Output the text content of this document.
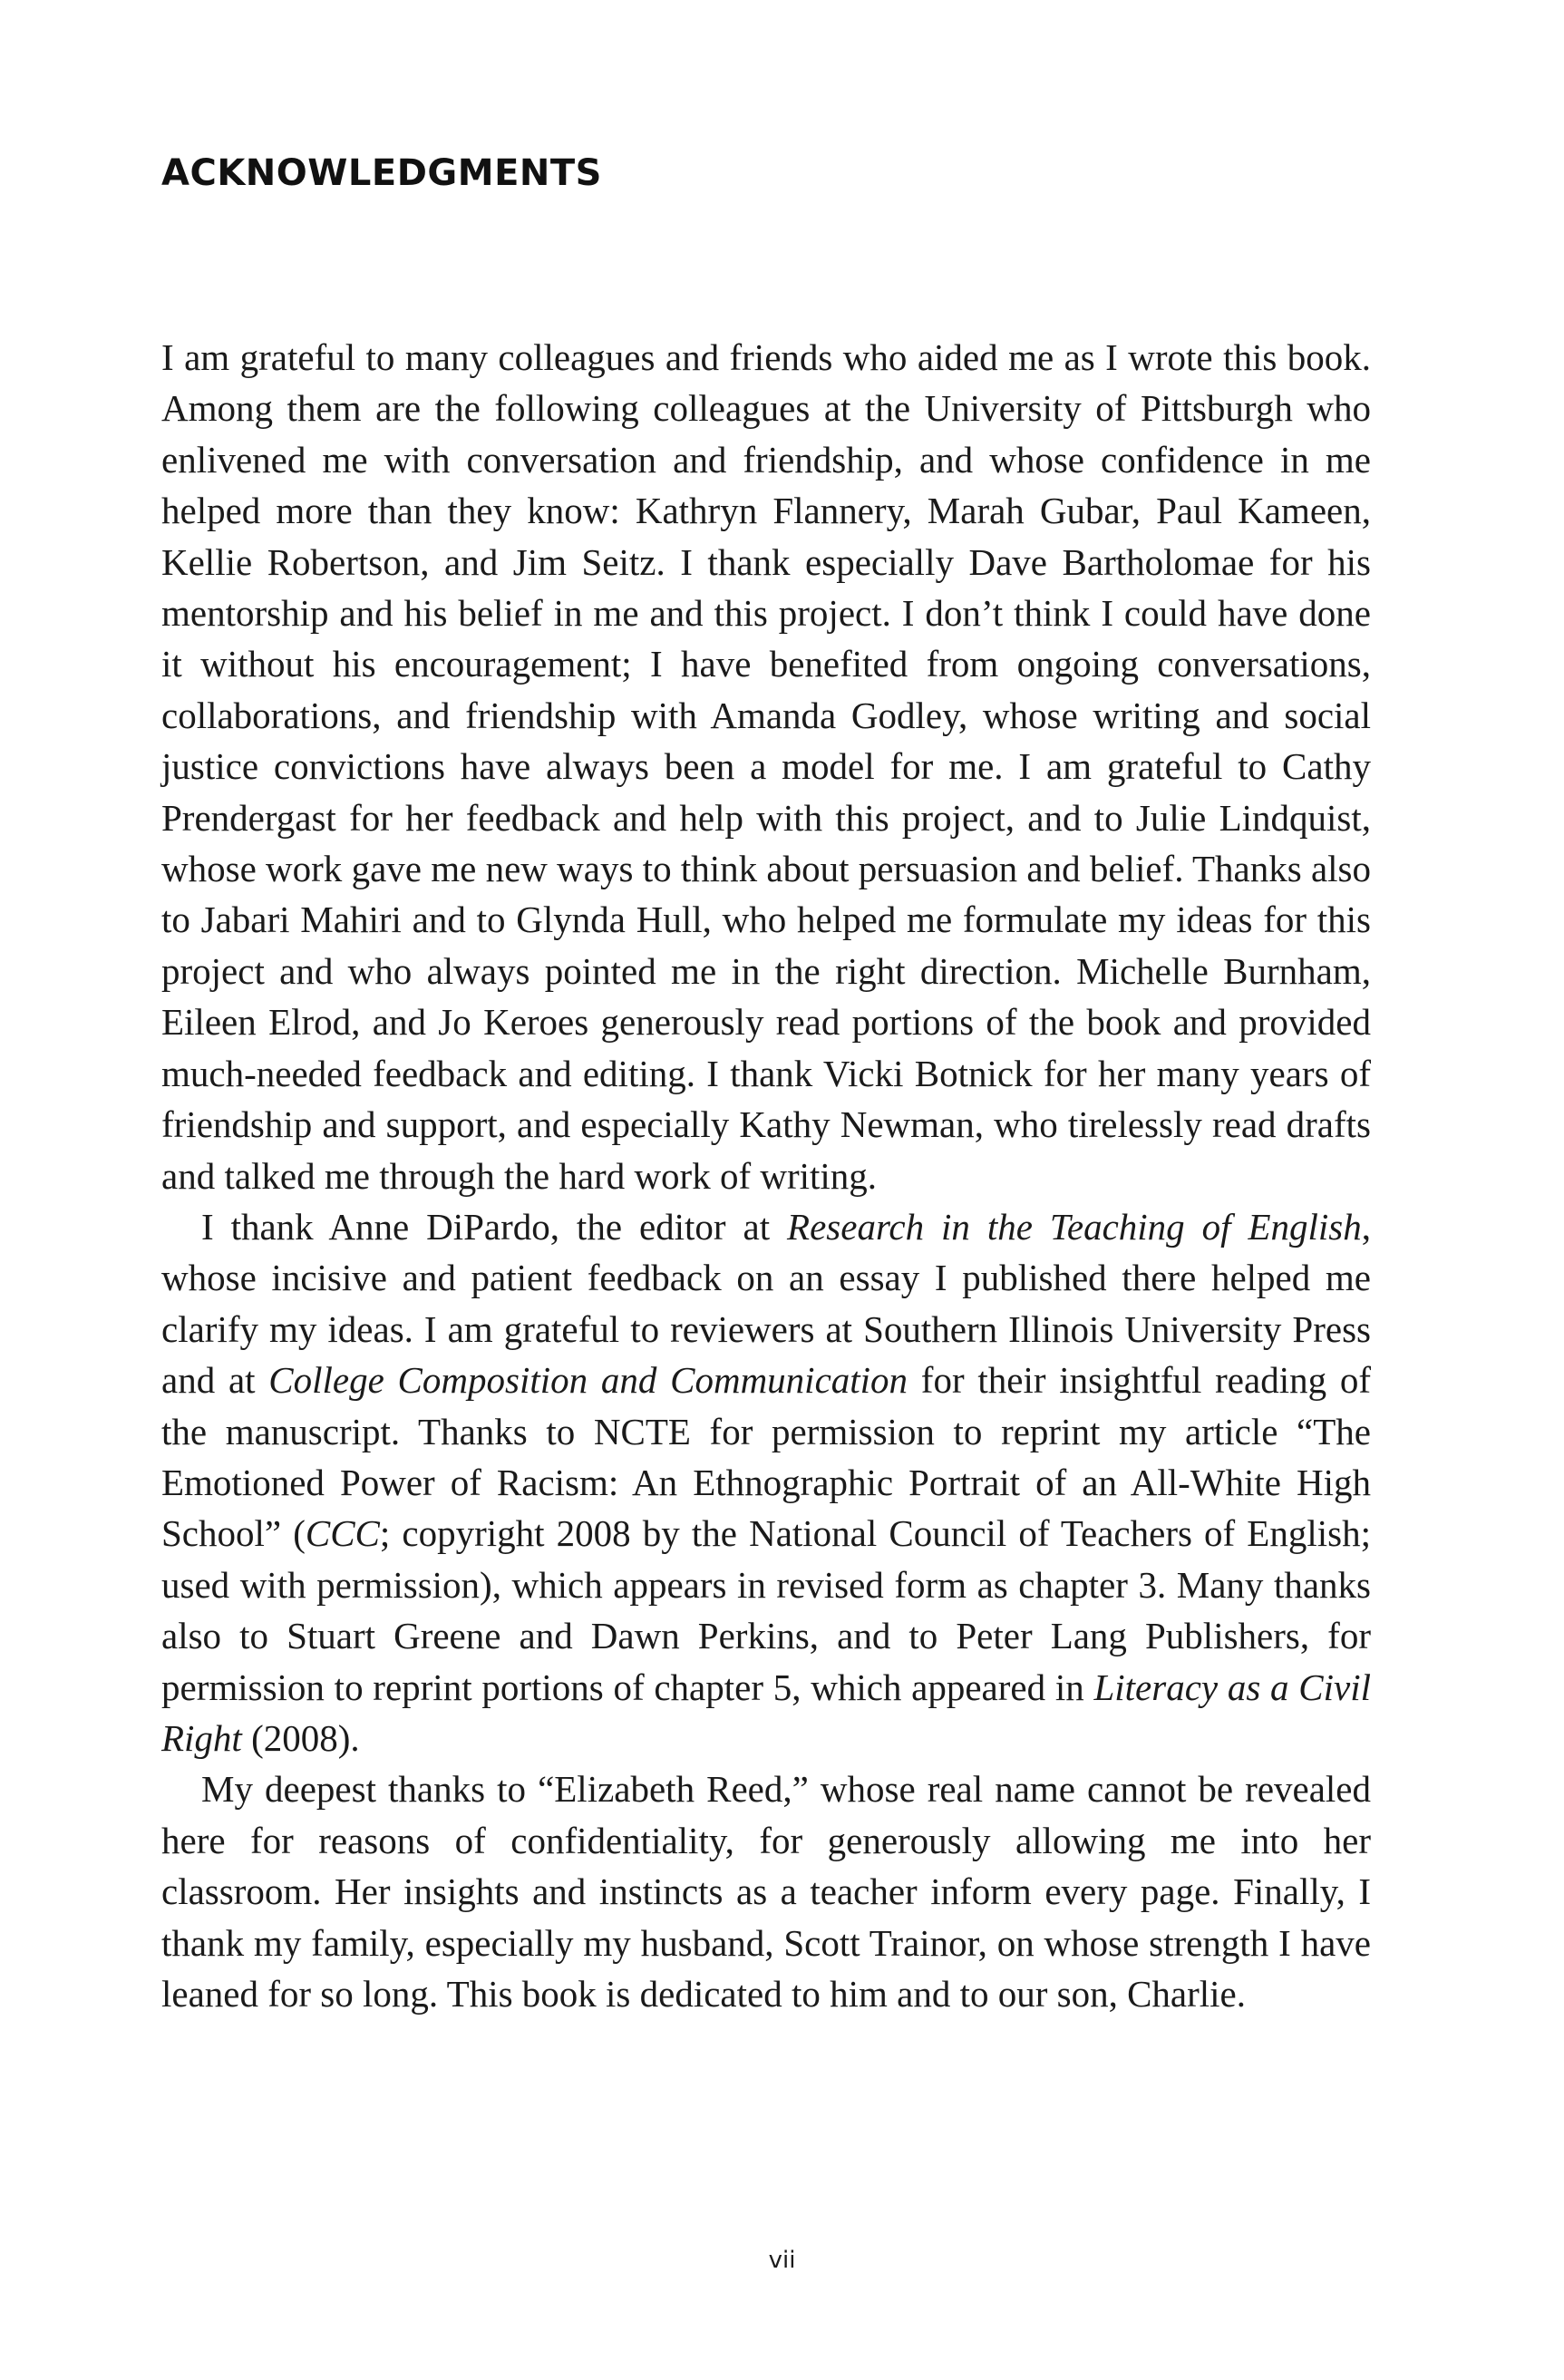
ACKNOWLEDGMENTS

I am grateful to many colleagues and friends who aided me as I wrote this book. Among them are the following colleagues at the University of Pittsburgh who enlivened me with conversation and friendship, and whose confidence in me helped more than they know: Kathryn Flannery, Marah Gubar, Paul Kameen, Kellie Robertson, and Jim Seitz. I thank especially Dave Bartholomae for his mentorship and his belief in me and this project. I don’t think I could have done it without his encouragement; I have benefited from ongoing conversations, collaborations, and friendship with Amanda Godley, whose writing and social justice convictions have always been a model for me. I am grateful to Cathy Prendergast for her feedback and help with this project, and to Julie Lindquist, whose work gave me new ways to think about persuasion and belief. Thanks also to Jabari Mahiri and to Glynda Hull, who helped me formulate my ideas for this project and who always pointed me in the right direction. Michelle Burnham, Eileen Elrod, and Jo Keroes generously read portions of the book and provided much-needed feedback and editing. I thank Vicki Botnick for her many years of friendship and support, and especially Kathy Newman, who tirelessly read drafts and talked me through the hard work of writing.

I thank Anne DiPardo, the editor at Research in the Teaching of English, whose incisive and patient feedback on an essay I published there helped me clarify my ideas. I am grateful to reviewers at Southern Illinois University Press and at College Composition and Communication for their insightful reading of the manuscript. Thanks to NCTE for permission to reprint my article “The Emotioned Power of Racism: An Ethnographic Portrait of an All-White High School” (CCC; copyright 2008 by the National Council of Teachers of English; used with permission), which appears in revised form as chapter 3. Many thanks also to Stuart Greene and Dawn Perkins, and to Peter Lang Publishers, for permission to reprint portions of chapter 5, which appeared in Literacy as a Civil Right (2008).

My deepest thanks to “Elizabeth Reed,” whose real name cannot be revealed here for reasons of confidentiality, for generously allowing me into her classroom. Her insights and instincts as a teacher inform every page. Finally, I thank my family, especially my husband, Scott Trainor, on whose strength I have leaned for so long. This book is dedicated to him and to our son, Charlie.

vii
